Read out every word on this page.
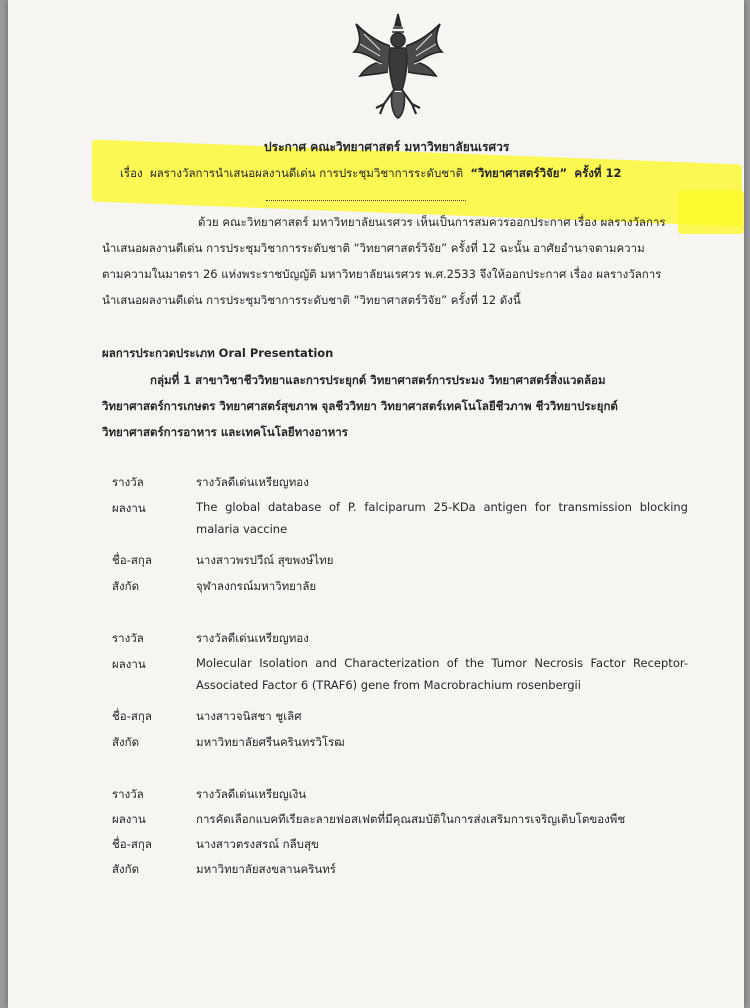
ประกาศ คณะวิทยาศาสตร์ มหาวิทยาลัยนเรศวร
เรื่อง ผลรางวัลการนำเสนอผลงานดีเด่น การประชุมวิชาการระดับชาติ “วิทยาศาสตร์วิจัย” ครั้งที่ 12
ด้วย คณะวิทยาศาสตร์ มหาวิทยาลัยนเรศวร เห็นเป็นการสมควรออกประกาศ เรื่อง ผลรางวัลการ
นำเสนอผลงานดีเด่น การประชุมวิชาการระดับชาติ “วิทยาศาสตร์วิจัย” ครั้งที่ 12 ฉะนั้น อาศัยอำนาจตามความ
ตามความในมาตรา 26 แห่งพระราชบัญญัติ มหาวิทยาลัยนเรศวร พ.ศ.2533 จึงให้ออกประกาศ เรื่อง ผลรางวัลการ
นำเสนอผลงานดีเด่น การประชุมวิชาการระดับชาติ “วิทยาศาสตร์วิจัย” ครั้งที่ 12 ดังนี้
ผลการประกวดประเภท Oral Presentation
กลุ่มที่ 1 สาขาวิชาชีววิทยาและการประยุกต์ วิทยาศาสตร์การประมง วิทยาศาสตร์สิ่งแวดล้อม
วิทยาศาสตร์การเกษตร วิทยาศาสตร์สุขภาพ จุลชีววิทยา วิทยาศาสตร์เทคโนโลยีชีวภาพ ชีววิทยาประยุกต์
วิทยาศาสตร์การอาหาร และเทคโนโลยีทางอาหาร
รางวัล	รางวัลดีเด่นเหรียญทอง
ผลงาน	The global database of P. falciparum 25-KDa antigen for transmission blocking malaria vaccine
ชื่อ-สกุล	นางสาวพรปวีณ์ สุขพงษ์ไทย
สังกัด	จุฬาลงกรณ์มหาวิทยาลัย
รางวัล	รางวัลดีเด่นเหรียญทอง
ผลงาน	Molecular Isolation and Characterization of the Tumor Necrosis Factor Receptor-Associated Factor 6 (TRAF6) gene from Macrobrachium rosenbergii
ชื่อ-สกุล	นางสาวจนิสชา ชูเลิศ
สังกัด	มหาวิทยาลัยศรีนครินทรวิโรฒ
รางวัล	รางวัลดีเด่นเหรียญเงิน
ผลงาน	การคัดเลือกแบคทีเรียละลายฟอสเฟตที่มีคุณสมบัติในการส่งเสริมการเจริญเติบโตของพืช
ชื่อ-สกุล	นางสาวตรงสรณ์ กลีบสุข
สังกัด	มหาวิทยาลัยสงขลานครินทร์
